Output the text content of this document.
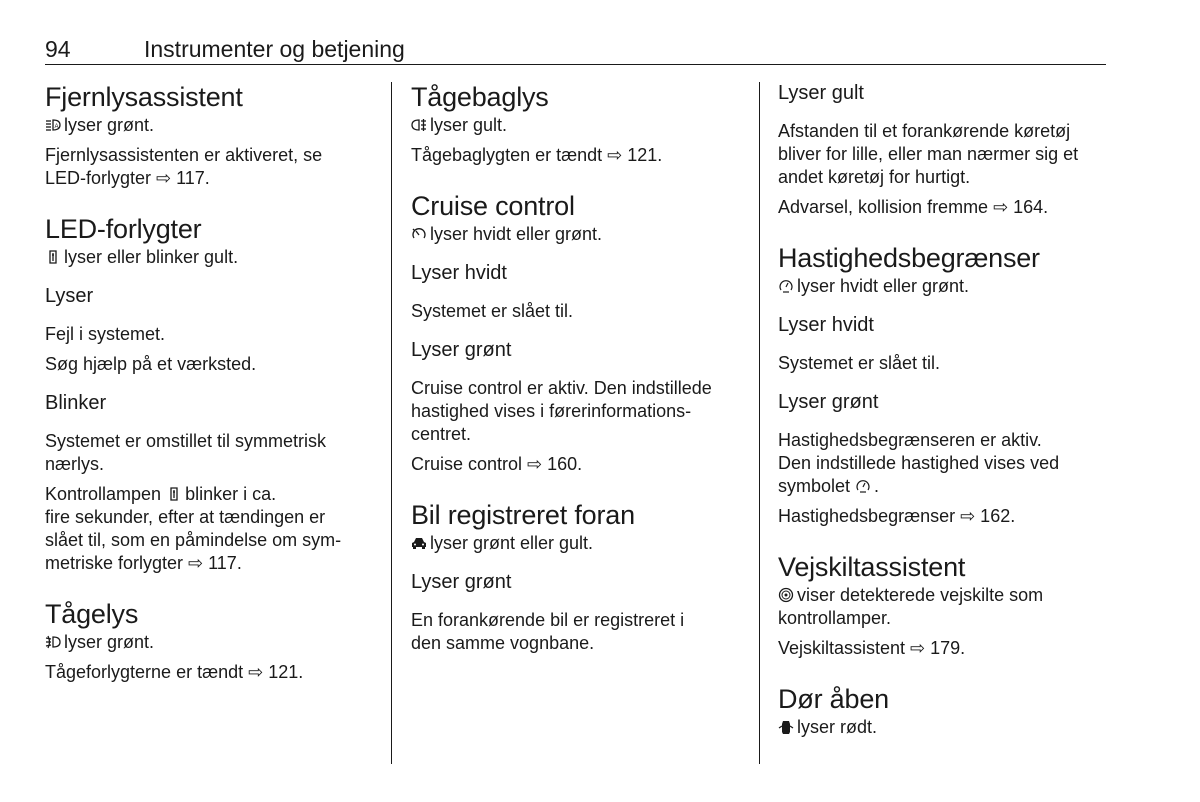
94	Instrumenter og betjening
Fjernlysassistent

A lyser grønt.

Fjernlysassistenten er aktiveret, se

LED-forlygter ⇨ 117.

LED-forlygter

lyser eller blinker gult.

Lyser

Fejl i systemet.

Søg hjælp på et værksted.

Blinker

Systemet er omstillet til symmetrisk

nærlys.

Kontrollampen blinker i ca.

fire sekunder, efter at tændingen er

slået til, som en påmindelse om sym-

metriske forlygter ⇨ 117.

Tågelys

lyser grønt.

Tågeforlygterne er tændt ⇨ 121.

Tågebaglys

lyser gult.

Tågebaglygten er tændt ⇨ 121.

Cruise control

lyser hvidt eller grønt.

Lyser hvidt

Systemet er slået til.

Lyser grønt

Cruise control er aktiv. Den indstillede

hastighed vises i førerinformations-

centret.

Cruise control ⇨ 160.

Bil registreret foran

lyser grønt eller gult.

Lyser grønt

En forankørende bil er registreret i

den samme vognbane.

Lyser gult

Afstanden til et forankørende køretøj

bliver for lille, eller man nærmer sig et

andet køretøj for hurtigt.

Advarsel, kollision fremme ⇨ 164.

Hastighedsbegrænser

lyser hvidt eller grønt.

Lyser hvidt

Systemet er slået til.

Lyser grønt

Hastighedsbegrænseren er aktiv.

Den indstillede hastighed vises ved

symbolet .

Hastighedsbegrænser ⇨ 162.

Vejskiltassistent

viser detekterede vejskilte som

kontrollamper.

Vejskiltassistent ⇨ 179.

Dør åben

lyser rødt.
